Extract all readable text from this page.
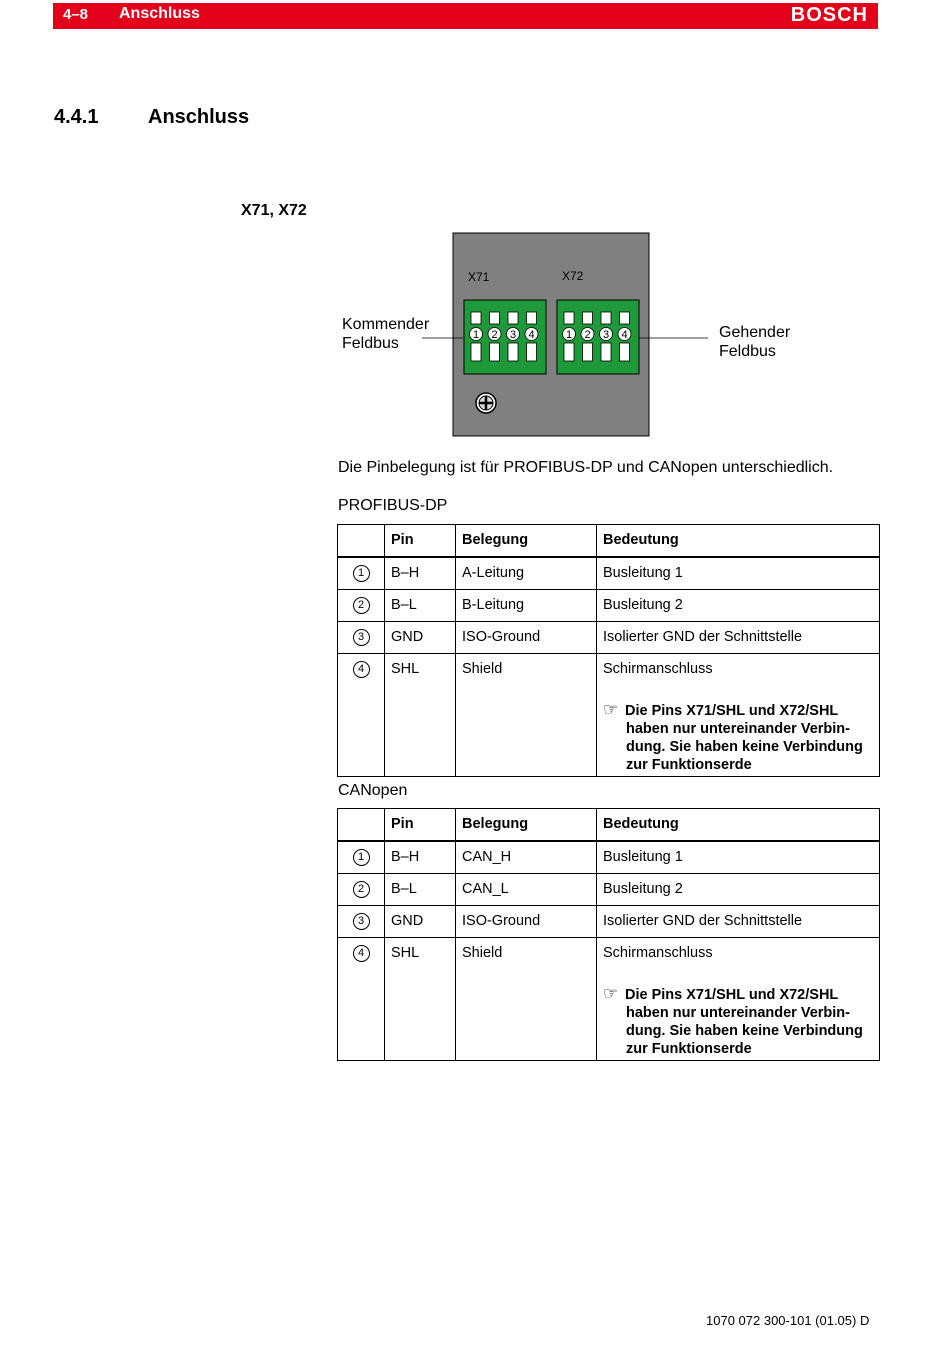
4–8 Anschluss	BOSCH
4.4.1 Anschluss
X71, X72
X71	X72
1 2 3 4	1 2 3 4
Kommender
Feldbus
Gehender
Feldbus
Die Pinbelegung ist für PROFIBUS-DP und CANopen unterschiedlich.
PROFIBUS-DP
	Pin	Belegung	Bedeutung
1	B–H	A-Leitung	Busleitung 1
2	B–L	B-Leitung	Busleitung 2
3	GND	ISO-Ground	Isolierter GND der Schnittstelle
4	SHL	Shield	Schirmanschluss
☞ Die Pins X71/SHL und X72/SHL haben nur untereinander Verbin-dung. Sie haben keine Verbindung zur Funktionserde
CANopen
	Pin	Belegung	Bedeutung
1	B–H	CAN_H	Busleitung 1
2	B–L	CAN_L	Busleitung 2
3	GND	ISO-Ground	Isolierter GND der Schnittstelle
4	SHL	Shield	Schirmanschluss
☞ Die Pins X71/SHL und X72/SHL haben nur untereinander Verbin-dung. Sie haben keine Verbindung zur Funktionserde
1070 072 300-101 (01.05) D
